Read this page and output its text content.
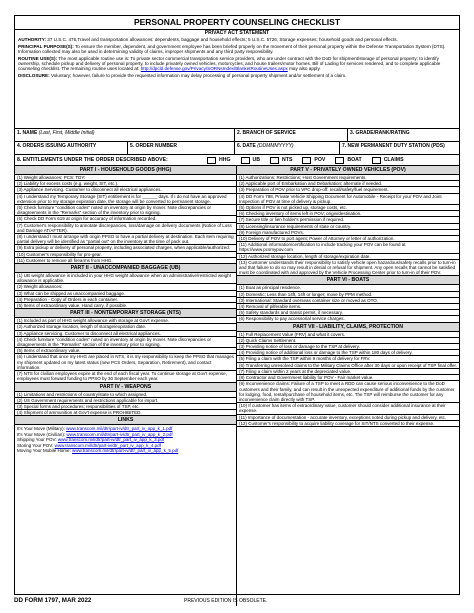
PERSONAL PROPERTY COUNSELING CHECKLIST
PRIVACY ACT STATEMENT

AUTHORITY: 37 U.S.C. 476,Travel and transportation allowances: dependents, baggage and household effects; 5 U.S.C. 5726, Storage expenses; household goods and personal effects.

PRINCIPAL PURPOSE(S): To ensure the member, dependent, and government employee has been briefed properly on the movement of their personal property within the Defense Transportation System (DTS). Information collected may also be used in determining validity of claims, improper shipments and any third party responsibility.

ROUTINE USE(S): The most applicable routine use is: To private sector commercial transportation service providers, who are under contract with the DoD for shipment/storage of personal property; to identify ownership, schedule pickup and delivery of personal property, to include privately owned vehicles, motorcycles, and house trailers/motor homes. Bill of Lading for services rendered, and to complete applicable counseling checklist. The remaining routine uses located at: http://dpcld.defense.gov/Privacy/SORNsIndex/BlanketRoutineUses.aspx may also apply.

DISCLOSURE: Voluntary; however, failure to provide the requested information may delay processing of personal property shipment and/or settlement of a claim.

1. NAME (Last, First, Middle Initial)	2. BRANCH OF SERVICE	3. GRADE/RANK/RATING
4. ORDERS ISSUING AUTHORITY	5. ORDER NUMBER	6. DATE (DDMMMYYYY)	7. NEW PERMANENT DUTY STATION (PDS)
8. ENTITLEMENTS UNDER THE ORDER DESCRIBED ABOVE:	HHG	UB	NTS	POV	BOAT	CLAIMS
PART I - HOUSEHOLD GOODS (HHG)
(1) Weight allowances: PCS: TDY:
(2) Liability for excess costs (e.g. weight, SIT, etc.).
(3) Appliance Servicing. Customer to disconnect all electrical appliances.
(4) I understand my Temporary Storage (SIT) entitlement is for ______ days. If I do not have an approved extension prior to my storage expiration date, the storage will be converted to permanent storage.
(5) Check furniture "condition codes" noted on inventory at origin by mover. Note discrepancies or disagreements in the "Remarks" section of the inventory prior to signing.
(6) Check DD Form 619 at origin for accuracy of information recorded.
(7) Customer's responsibility to annotate discrepancies, loss/damage on delivery documents (Notice of Loss and Damage AT/AFTER).
(8) I understand I must arrange with origin PPSO to have a partial delivery at destination. Each item requiring partial delivery will be identified as "partial out" on the inventory at the time of pack out.
(9) Extra pickup or delivery of personal property, including associated charges, when applicable/authorized.
(10) Customer's responsibility for pro-gear.
(11) Customer to remove all firearms from HHG.
PART II - UNACCOMPANIED BAGGAGE (UB)
(1) UB weight allowance is included in your HHG weight allowance when an administrative/restricted weight allowance is applicable.
(2) Weight allowances:
(3) What can be shipped as unaccompanied baggage.
(4) Preparation - Copy of Orders in each container.
(5) Items of extraordinary value. Hand carry, if possible.
PART III - NONTEMPORARY STORAGE (NTS)
(1) Included as part of HHG weight allowance with storage at Gov't expense.
(2) Authorized storage location, length of storage/expiration date.
(3) Appliance servicing. Customer to disconnect all electrical appliances.
(4) Check furniture "condition codes" noted on inventory at origin by mover. Note discrepancies or disagreements in the "Remarks" section of the inventory prior to signing.
(5) Items of extraordinary value.
(6) I understand that once my HHG are placed in NTS, it is my responsibility to keep the PPSO that manages my shipment updated on my latest status (new PCS Orders, Separation, Retirement), and contact information.
(7) NTS for civilian employees expire at the end of each fiscal year. To continue storage at Gov't expense, employees must forward funding to PPSO by 30 September each year.
PART IV - WEAPONS
(1) Limitations and restrictions of country/state to which assigned.
(2) US Government requirements and restrictions applicable for import.
(3) Special forms and procedures; responsibilities of TSP, etc.
(4) Shipment of ammunition at Gov't expense is PROHIBITED.
LINKS
It's Your Move (Military): www.transcom.mil/dtr/part-iv/dtr_part_iv_app_k_1.pdf
It's Your Move (Civilian): www.transcom.mil/dtr/part-iv/dtr_part_iv_app_k_2.pdf
Shipping Your POV: www.transcom.mil/dtr/part-iv/dtr_part_iv_app_k_3.pdf
Storing Your POV: www.transcom.mil/dtr/part-iv/dtr_part_iv_app_k_4.pdf
Moving Your Mobile Home: www.transcom.mil/dtr/part-iv/dtr_part_iv_app_k_5.pdf
PART V - PRIVATELY OWNED VEHICLES (POV)
(1) Authorizations; Restrictions; Host Government requirements.
(2) Applicable port of Embarkation and Debarkation; alternate if needed.
(3) Preparation of POV prior to VPC drop-off: recall/safety/fuel requirement.
(4) DD Form 788, Private Vehicle Shipping Document for Automobile - Receipt for your POV and Joint Inspection of POV at time of delivery & pickup.
(5) Options if POV is not picked up, storage costs, etc.
(6) Checking inventory of items left in POV; origin/destination.
(7) Secure title or lien holder's permission if required.
(8) Licensing/insurance requirements of state or country.
(9) Foreign manufactured POVs.
(10) Delivery of POV to port agent; Power of Attorney or letter of authorization.
(11) Additional information/certification to include tracking your POV can be found at https://www.pcsmypov.com
(12) Authorized storage location, length of storage/expiration date.
(13) Customer understands their responsibility to satisfy vehicle open hazardous/safety recalls prior to turn-in and that failure to do so may result in denial or refusal for shipment. Any open recalls that cannot be satisfied must be coordinated with and approved by the Vehicle Processing Center prior to turn-in of their POV.
PART VI - BOATS
(1) Boat as principal residence.
(2) Domestic; Less than 14ft, 14ft or longer; move by PPM method.
(3) International: Standard overseas container size or moved as OTO.
(4) Removal of pilferable items.
(5) Safety standards and transit permit, if necessary.
(6) Responsibility to pay accessorial service charges.
PART VII - LIABILITY, CLAIMS, PROTECTION
(1) Full Replacement Value (FRV) and what it covers.
(2) Quick Claims Settlement.
(3) Providing notice of loss or damage to the TSP at delivery.
(4) Providing notice of additional loss or damage to the TSP within 180 days of delivery.
(5) Filing a claim with the TSP within 9 months of delivery for FRV.
(6) Transferring unresolved claims to the Military Claims Office after 30 days or upon receipt of TSP final offer.
(7) Filing a claim within 2 years at the depreciated value.
(8) Contractor and Government liability for POV - Fair market value.
(9) Inconvenience claims: Failure of a TSP to meet a RDD can cause serious inconvenience to the DoD customers and their family, and can result in the unexpected expenditure of additional funds by the customer for lodging, food, rental/purchase of household items, etc. The TSP will reimburse the customer for any inconvenience claim directly with TSP.
(10) If customer has items of extraordinary value, customer should consider additional insurance at their expense.
(11) Importance of documentation - accurate inventory, exceptions noted during pickup and delivery, etc.
(12) Customer's responsibility to acquire liability coverage for SIT/NTS converted to their expense.
DD FORM 1797, MAR 2022	PREVIOUS EDITION IS OBSOLETE.
